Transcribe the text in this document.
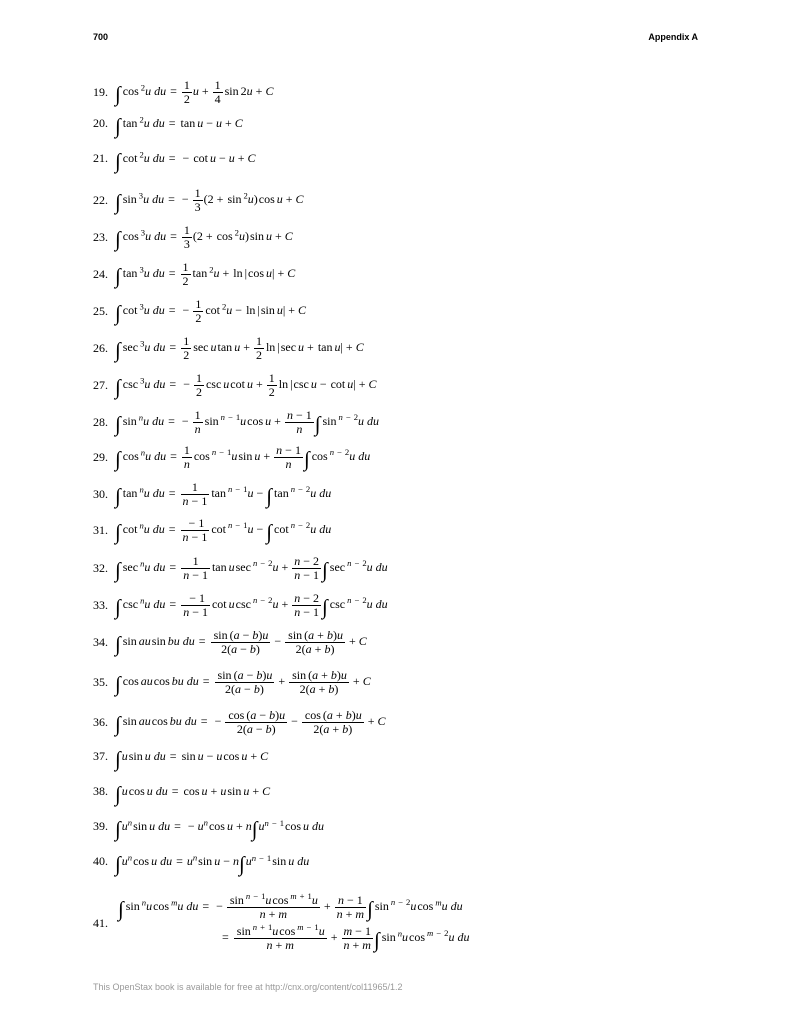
700	Appendix A
19. ∫ cos $^2$u du = $\frac{1}{2}$ $u + \frac{1}{4}$ sin 2u + C
20. ∫ tan $^2$u du = tan u − u + C
21. ∫ cot $^2$u du = − cot u − u + C
22. ∫ sin $^3$u du = − $\frac{1}{3} (2 + \sin ^2u)\cos$ u + C
23. ∫ cos $^3$u du = $\frac{1}{3} (2 + \cos ^2u)\sin$ u + C
24. ∫ tan $^3$u du = $\frac{1}{2}$ tan $^2$u + ln |cos u| + C
25. ∫ cot $^3$u du = − $\frac{1}{2}$ cot $^2$u − ln |sin u| + C
26. ∫ sec $^3$u du = $\frac{1}{2}$ sec utan $u + \frac{1}{2}$ ln |sec u + tan u| + C
27. ∫ csc $^3$u du = − $\frac{1}{2}$ csc ucot $u + \frac{1}{2}$ ln |csc u − cot u| + C
28. ∫ sin $^n$u du = − $\frac{1}{n}$ sin $^{n - 1}$ucos $u + \frac{n - 1}{n}$ ∫ sin $^{n - 2}$u du
29. ∫ cos $^n$u du = $\frac{1}{n}$ cos $^{n - 1}$usin $u + \frac{n - 1}{n}$ ∫ cos $^{n - 2}$u du
30. ∫ tan $^n$u du = $\frac{1}{n - 1}$ tan $^{n - 1}$u − ∫ tan $^{n - 2}$u du
31. ∫ cot $^n$u du = $\frac{- 1}{n - 1}$ cot $^{n - 1}$u − ∫ cot $^{n - 2}$u du
32. ∫ sec $^n$u du = $\frac{1}{n - 1}$ tan usec $^{n - 2}u + \frac{n - 2}{n - 1}$ ∫ sec $^{n - 2}$u du
33. ∫ csc $^n$u du = $\frac{- 1}{n - 1}$ cot ucsc $^{n - 2}u + \frac{n - 2}{n - 1}$ ∫ csc $^{n - 2}$u du
34. ∫ sin ausin bu du = $\frac{\sin (a - b)u}{2(a - b)} - \frac{\sin (a + b)u}{2(a + b)} + C$
35. ∫ cos aucos bu du = $\frac{\sin (a - b)u}{2(a - b)} + \frac{\sin (a + b)u}{2(a + b)} + C$
36. ∫ sin aucos bu du = − $\frac{\cos (a - b)u}{2(a - b)} - \frac{\cos (a + b)u}{2(a + b)} + C$
37. ∫usin u du = sin u − ucos u + C
38. ∫ucos u du = cos u + usin u + C
39. $\int u^n\sin$ u du = − $u^n\cos$ $u + n\int u^{n - 1}\cos$ u du
40. $\int u^n\cos$ u du = $u^n\sin$ $u - n\int u^{n - 1}\sin$ u du
41.
∫ sin $^n$ucos $^m$u du = − $\frac{\sin ^{n - 1}ucos ^{m + 1}u}{n + m} + \frac{n - 1}{n + m}$ ∫ sin $^{n - 2}$ucos $^m$u du
= $\frac{\sin ^{n + 1}ucos ^{m - 1}u}{n + m} + \frac{m - 1}{n + m}$ ∫ sin $^n$ucos $^{m - 2}$u du
This OpenStax book is available for free at http://cnx.org/content/col11965/1.2
